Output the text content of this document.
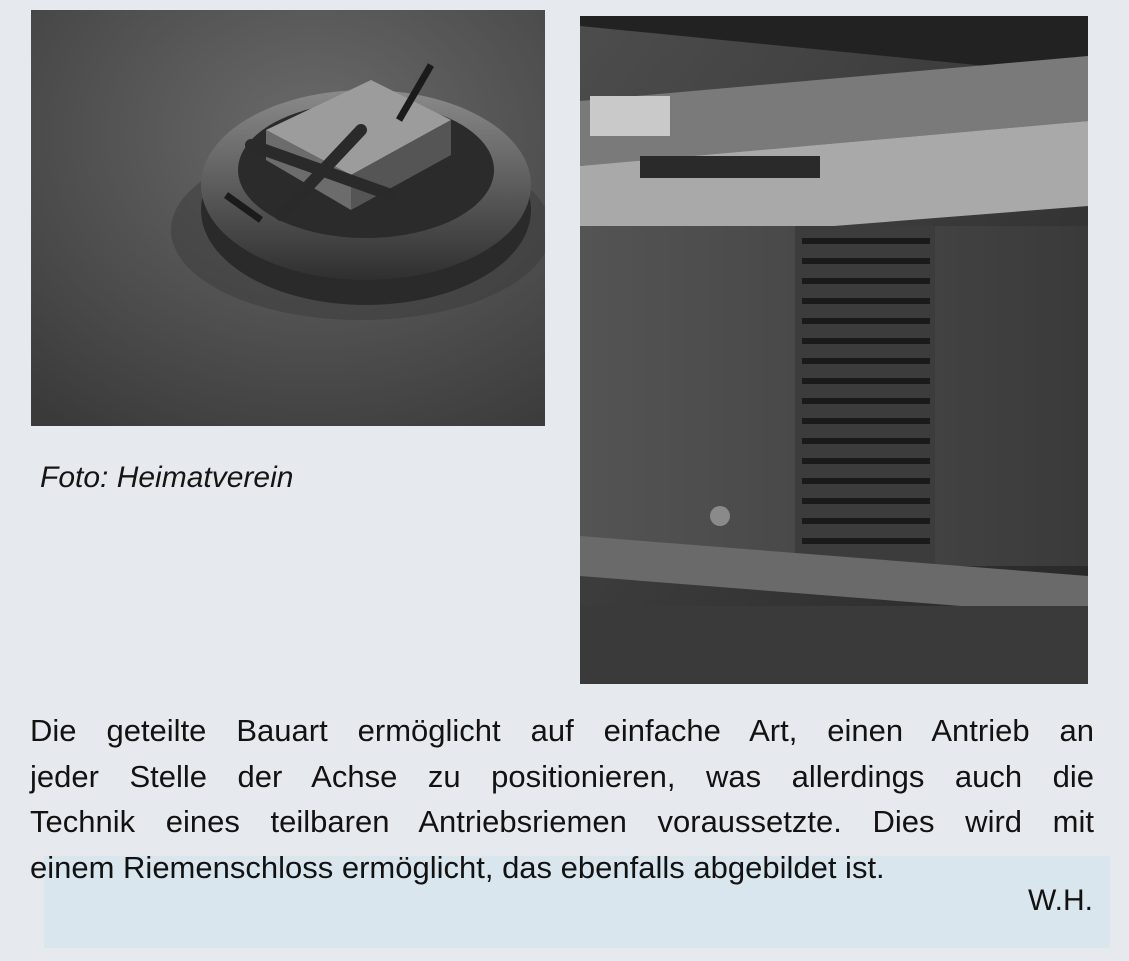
Foto: Heimatverein
Die geteilte Bauart ermöglicht auf einfache Art, einen Antrieb an
jeder Stelle der Achse zu positionieren, was allerdings auch die
Technik eines teilbaren Antriebsriemen voraussetzte. Dies wird mit
einem Riemenschloss ermöglicht, das ebenfalls abgebildet ist.
W.H.
